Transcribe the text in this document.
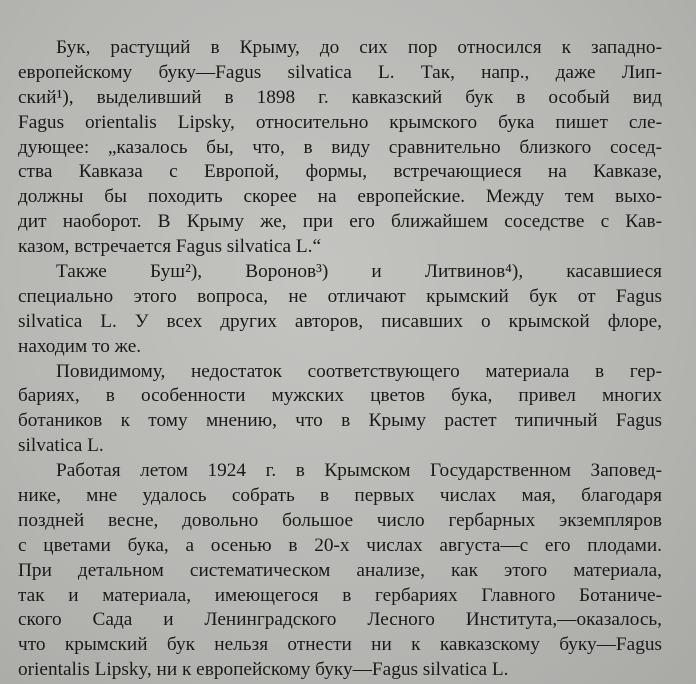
Бук, растущий в Крыму, до сих пор относился к западно-
европейскому буку—Fagus silvatica L. Так, напр., даже Лип-
ский¹), выделивший в 1898 г. кавказский бук в особый вид
Fagus orientalis Lipsky, относительно крымского бука пишет сле-
дующее: „казалось бы, что, в виду сравнительно близкого сосед-
ства Кавказа с Европой, формы, встречающиеся на Кавказе,
должны бы походить скорее на европейские. Между тем выхо-
дит наоборот. В Крыму же, при его ближайшем соседстве с Кав-
казом, встречается Fagus silvatica L.“
Также Буш²), Воронов³) и Литвинов⁴), касавшиеся
специально этого вопроса, не отличают крымский бук от Fagus
silvatica L. У всех других авторов, писавших о крымской флоре,
находим то же.
Повидимому, недостаток соответствующего материала в гер-
бариях, в особенности мужских цветов бука, привел многих
ботаников к тому мнению, что в Крыму растет типичный Fagus
silvatica L.
Работая летом 1924 г. в Крымском Государственном Заповед-
нике, мне удалось собрать в первых числах мая, благодаря
поздней весне, довольно большое число гербарных экземпляров
с цветами бука, а осенью в 20-х числах августа—с его плодами.
При детальном систематическом анализе, как этого материала,
так и материала, имеющегося в гербариях Главного Ботаниче-
ского Сада и Ленинградского Лесного Института,—оказалось,
что крымский бук нельзя отнести ни к кавказскому буку—Fagus
orientalis Lipsky, ни к европейскому буку—Fagus silvatica L.
